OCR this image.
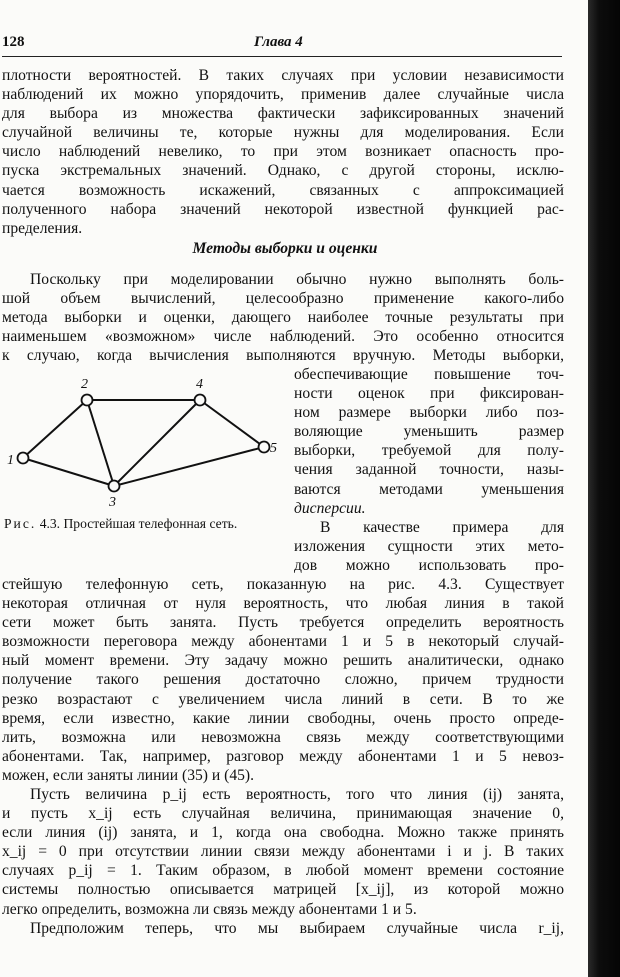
128	Глава 4
плотности вероятностей. В таких случаях при условии независимости
наблюдений их можно упорядочить, применив далее случайные числа
для выбора из множества фактически зафиксированных значений
случайной величины те, которые нужны для моделирования. Если
число наблюдений невелико, то при этом возникает опасность про-
пуска экстремальных значений. Однако, с другой стороны, исклю-
чается возможность искажений, связанных с аппроксимацией
полученного набора значений некоторой известной функцией рас-
пределения.
Методы выборки и оценки
Поскольку при моделировании обычно нужно выполнять боль-
шой объем вычислений, целесообразно применение какого-либо
метода выборки и оценки, дающего наиболее точные результаты при
наименьшем «возможном» числе наблюдений. Это особенно относится
к случаю, когда вычисления выполняются вручную. Методы выборки,
1
2
3
4
5
Рис. 4.3. Простейшая телефонная сеть.
обеспечивающие повышение точ-
ности оценок при фиксирован-
ном размере выборки либо поз-
воляющие уменьшить размер
выборки, требуемой для полу-
чения заданной точности, назы-
ваются методами уменьшения
дисперсии.
В качестве примера для
изложения сущности этих мето-
дов можно использовать про-
стейшую телефонную сеть, показанную на рис. 4.3. Существует
некоторая отличная от нуля вероятность, что любая линия в такой
сети может быть занята. Пусть требуется определить вероятность
возможности переговора между абонентами 1 и 5 в некоторый случай-
ный момент времени. Эту задачу можно решить аналитически, однако
получение такого решения достаточно сложно, причем трудности
резко возрастают с увеличением числа линий в сети. В то же
время, если известно, какие линии свободны, очень просто опреде-
лить, возможна или невозможна связь между соответствующими
абонентами. Так, например, разговор между абонентами 1 и 5 невоз-
можен, если заняты линии (35) и (45).
Пусть величина p_ij есть вероятность, того что линия (ij) занята,
и пусть x_ij есть случайная величина, принимающая значение 0,
если линия (ij) занята, и 1, когда она свободна. Можно также принять
x_ij = 0 при отсутствии линии связи между абонентами i и j. В таких
случаях p_ij = 1. Таким образом, в любой момент времени состояние
системы полностью описывается матрицей [x_ij], из которой можно
легко определить, возможна ли связь между абонентами 1 и 5.
Предположим теперь, что мы выбираем случайные числа r_ij,
